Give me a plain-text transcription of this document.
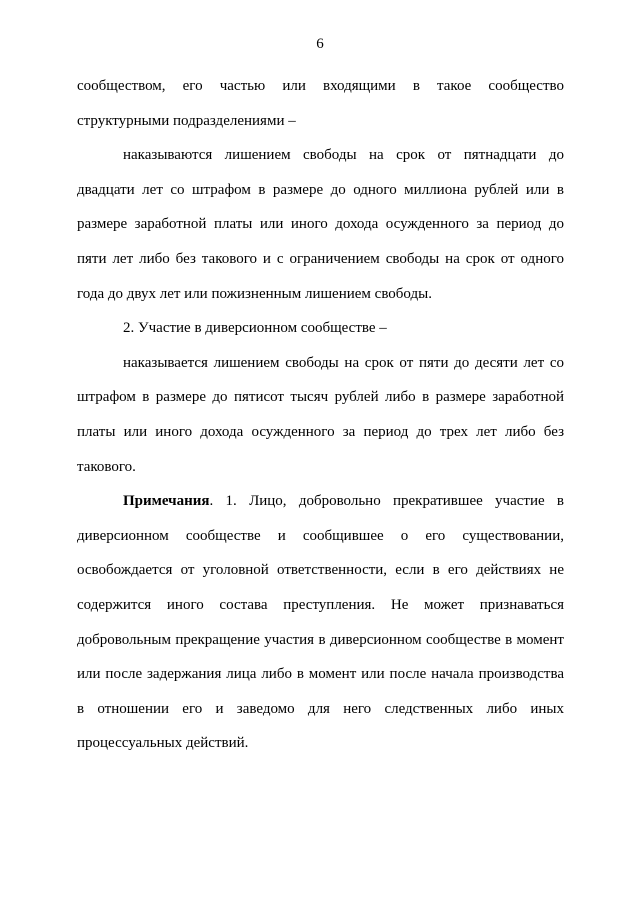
6
сообществом, его частью или входящими в такое сообщество
структурными подразделениями –
наказываются лишением свободы на срок от пятнадцати до
двадцати лет со штрафом в размере до одного миллиона рублей или в
размере заработной платы или иного дохода осужденного за период до
пяти лет либо без такового и с ограничением свободы на срок от одного
года до двух лет или пожизненным лишением свободы.
2. Участие в диверсионном сообществе –
наказывается лишением свободы на срок от пяти до десяти лет со
штрафом в размере до пятисот тысяч рублей либо в размере заработной
платы или иного дохода осужденного за период до трех лет либо без
такового.
Примечания. 1. Лицо, добровольно прекратившее участие в
диверсионном сообществе и сообщившее о его существовании,
освобождается от уголовной ответственности, если в его действиях не
содержится иного состава преступления. Не может признаваться
добровольным прекращение участия в диверсионном сообществе в момент
или после задержания лица либо в момент или после начала производства
в отношении его и заведомо для него следственных либо иных
процессуальных действий.
